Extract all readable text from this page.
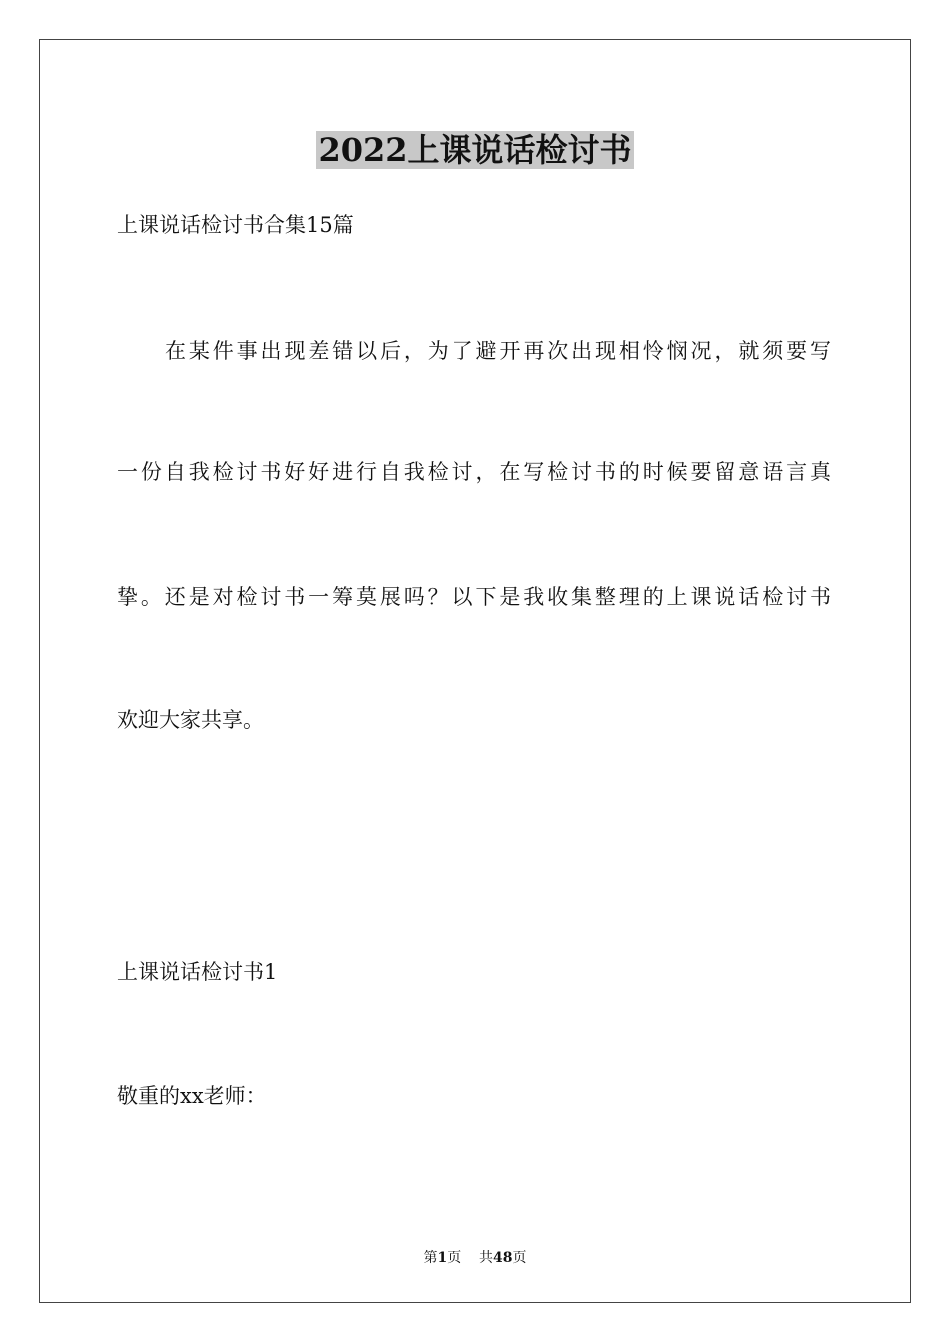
2022上课说话检讨书

上课说话检讨书合集15篇

在某件事出现差错以后，为了避开再次出现相怜悯况，就须要写

一份自我检讨书好好进行自我检讨，在写检讨书的时候要留意语言真

挚。还是对检讨书一筹莫展吗？以下是我收集整理的上课说话检讨书

欢迎大家共享。

上课说话检讨书1

敬重的xx老师：

第1页 共48页
